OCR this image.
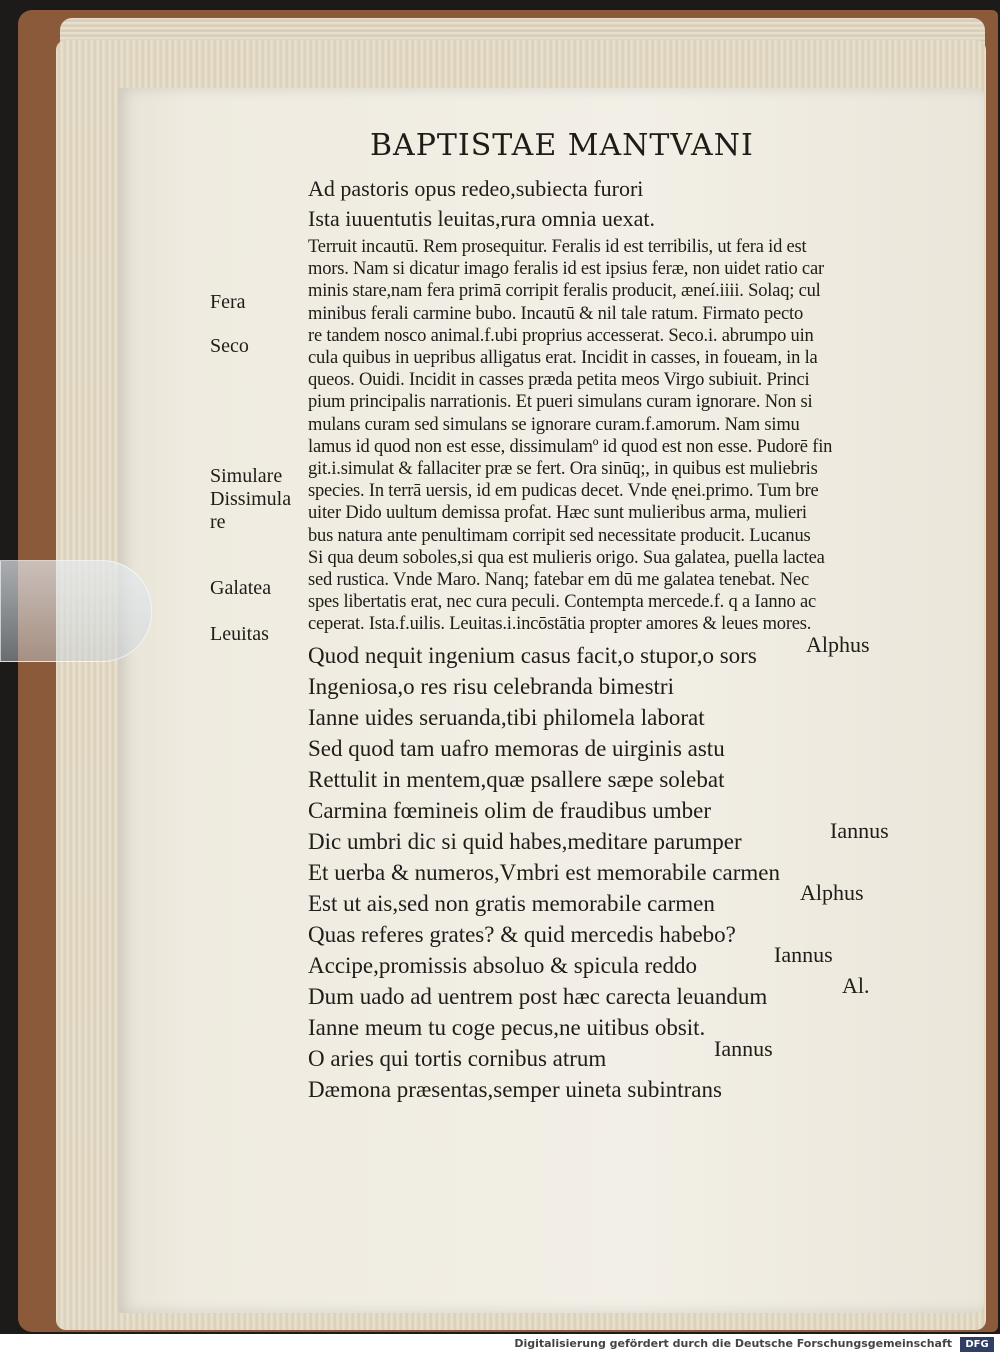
BAPTISTAE MANTVANI
Fera
Seco
Simulare
Dissimula
re
Galatea
Leuitas
Ad pastoris opus redeo,subiecta furori
Ista iuuentutis leuitas,rura omnia uexat.
Terruit incautū. Rem prosequitur. Feralis id est terribilis, ut fera id est
mors. Nam si dicatur imago feralis id est ipsius feræ, non uidet ratio car
minis stare,nam fera primā corripit feralis producit, æneí.iiii. Solaq; cul
minibus ferali carmine bubo. Incautū & nil tale ratum. Firmato pecto
re tandem nosco animal.f.ubi proprius accesserat. Seco.i. abrumpo uin
cula quibus in uepribus alligatus erat. Incidit in casses, in foueam, in la
queos. Ouidi. Incidit in casses præda petita meos Virgo subiuit. Princi
pium principalis narrationis. Et pueri simulans curam ignorare. Non si
mulans curam sed simulans se ignorare curam.f.amorum. Nam simu
lamus id quod non est esse, dissimulamº id quod est non esse. Pudorē fin
git.i.simulat & fallaciter præ se fert. Ora sinūq;, in quibus est muliebris
species. In terrā uersis, id em pudicas decet. Vnde ęnei.primo. Tum bre
uiter Dido uultum demissa profat. Hæc sunt mulieribus arma, mulieri
bus natura ante penultimam corripit sed necessitate producit. Lucanus
Si qua deum soboles,si qua est mulieris origo. Sua galatea, puella lactea
sed rustica. Vnde Maro. Nanq; fatebar em dū me galatea tenebat. Nec
spes libertatis erat, nec cura peculi. Contempta mercede.f. q a Ianno ac
ceperat. Ista.f.uilis. Leuitas.i.incōstātia propter amores & leues mores.
Quod nequit ingenium casus facit,o stupor,o sors
Ingeniosa,o res risu celebranda bimestri
Ianne uides seruanda,tibi philomela laborat
Sed quod tam uafro memoras de uirginis astu
Rettulit in mentem,quæ psallere sæpe solebat
Carmina fœmineis olim de fraudibus umber
Dic umbri dic si quid habes,meditare parumper
Et uerba & numeros,Vmbri est memorabile carmen
Est ut ais,sed non gratis memorabile carmen
Quas referes grates? & quid mercedis habebo?
Accipe,promissis absoluo & spicula reddo
Dum uado ad uentrem post hæc carecta leuandum
Ianne meum tu coge pecus,ne uitibus obsit.
O aries qui tortis cornibus atrum
Dæmona præsentas,semper uineta subintrans
Alphus
Iannus
Alphus
Iannus
Al.
Iannus
Digitalisierung gefördert durch die Deutsche Forschungsgemeinschaft	DFG
